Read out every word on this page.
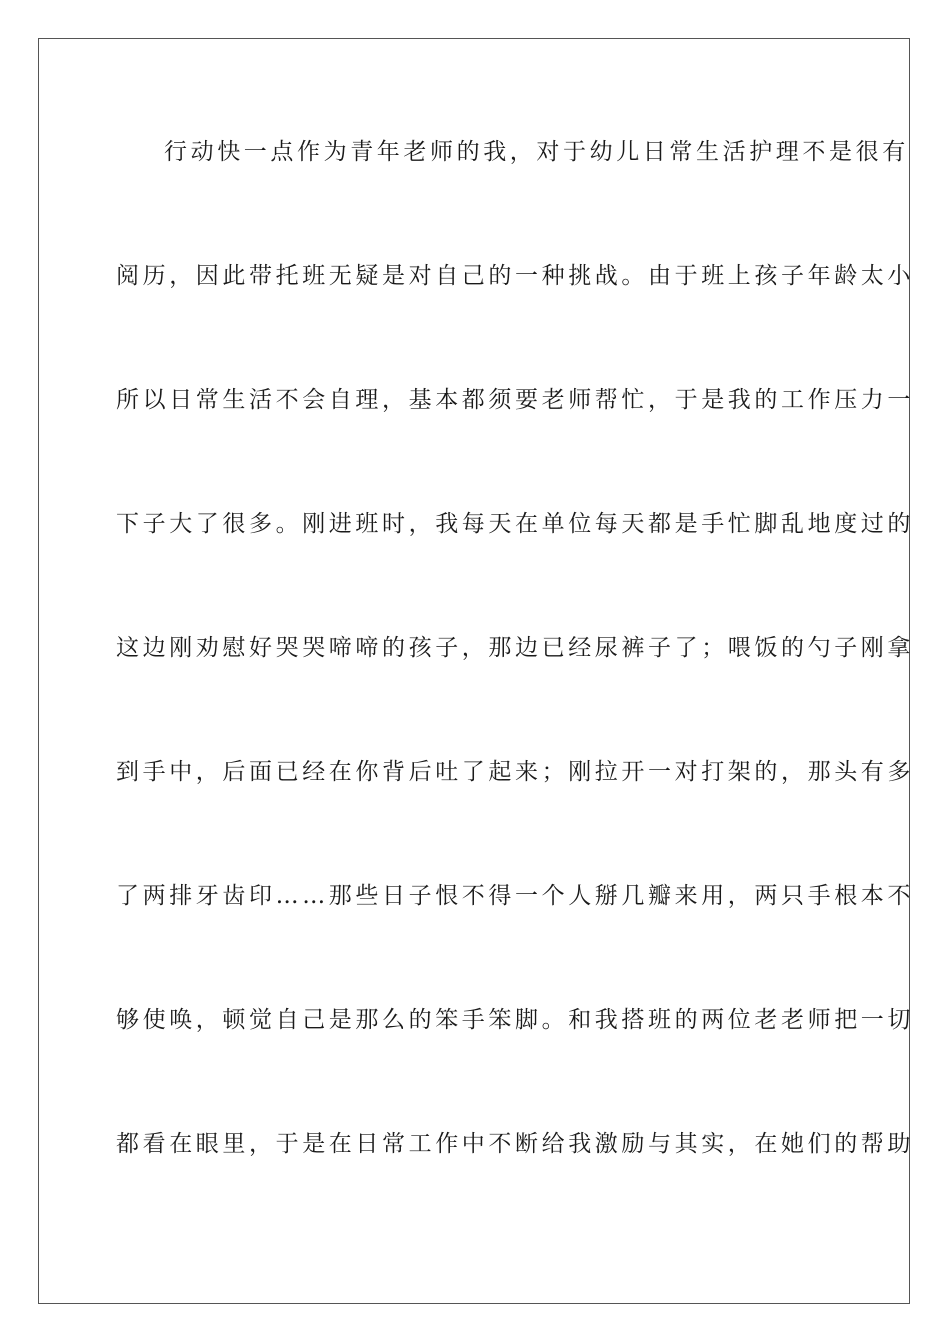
行动快一点作为青年老师的我，对于幼儿日常生活护理不是很有
阅历，因此带托班无疑是对自己的一种挑战。由于班上孩子年龄太小
所以日常生活不会自理，基本都须要老师帮忙，于是我的工作压力一
下子大了很多。刚进班时，我每天在单位每天都是手忙脚乱地度过的
这边刚劝慰好哭哭啼啼的孩子，那边已经尿裤子了；喂饭的勺子刚拿
到手中，后面已经在你背后吐了起来；刚拉开一对打架的，那头有多
了两排牙齿印……那些日子恨不得一个人掰几瓣来用，两只手根本不
够使唤，顿觉自己是那么的笨手笨脚。和我搭班的两位老老师把一切
都看在眼里，于是在日常工作中不断给我激励与其实，在她们的帮助
